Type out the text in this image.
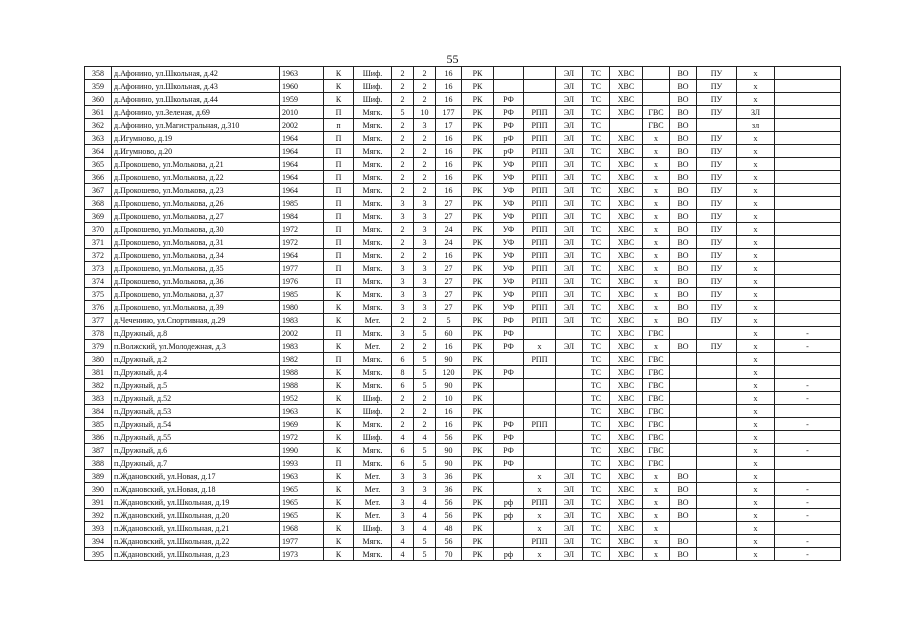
55
358	д.Афонино, ул.Школьная, д.42	1963	К	Шиф.	2	2	16	РК			ЭЛ	ТС	ХВС		ВО	ПУ	х	
359	д.Афонино, ул.Школьная, д.43	1960	К	Шиф.	2	2	16	РК			ЭЛ	ТС	ХВС		ВО	ПУ	х	
360	д.Афонино, ул.Школьная, д.44	1959	К	Шиф.	2	2	16	РК	РФ		ЭЛ	ТС	ХВС		ВО	ПУ	х	
361	д.Афонино, ул.Зеленая, д.69	2010	П	Мягк.	5	10	177	РК	РФ	РПП	ЭЛ	ТС	ХВС	ГВС	ВО	ПУ	ЗЛ	
362	д.Афонино, ул.Магистральная, д.310	2002	п	Мягк.	2	3	17	РК	РФ	РПП	ЭЛ	ТС		ГВС	ВО		зл	
363	д.Игумново, д.19	1964	П	Мягк.	2	2	16	РК	рФ	РПП	ЭЛ	ТС	ХВС	х	ВО	ПУ	х	
364	д.Игумново, д.20	1964	П	Мягк.	2	2	16	РК	рФ	РПП	ЭЛ	ТС	ХВС	х	ВО	ПУ	х	
365	д.Прокошево, ул.Молькова, д.21	1964	П	Мягк.	2	2	16	РК	УФ	РПП	ЭЛ	ТС	ХВС	х	ВО	ПУ	х	
366	д.Прокошево, ул.Молькова, д.22	1964	П	Мягк.	2	2	16	РК	УФ	РПП	ЭЛ	ТС	ХВС	х	ВО	ПУ	х	
367	д.Прокошево, ул.Молькова, д.23	1964	П	Мягк.	2	2	16	РК	УФ	РПП	ЭЛ	ТС	ХВС	х	ВО	ПУ	х	
368	д.Прокошево, ул.Молькова, д.26	1985	П	Мягк.	3	3	27	РК	УФ	РПП	ЭЛ	ТС	ХВС	х	ВО	ПУ	х	
369	д.Прокошево, ул.Молькова, д.27	1984	П	Мягк.	3	3	27	РК	УФ	РПП	ЭЛ	ТС	ХВС	х	ВО	ПУ	х	
370	д.Прокошево, ул.Молькова, д.30	1972	П	Мягк.	2	3	24	РК	УФ	РПП	ЭЛ	ТС	ХВС	х	ВО	ПУ	х	
371	д.Прокошево, ул.Молькова, д.31	1972	П	Мягк.	2	3	24	РК	УФ	РПП	ЭЛ	ТС	ХВС	х	ВО	ПУ	х	
372	д.Прокошево, ул.Молькова, д.34	1964	П	Мягк.	2	2	16	РК	УФ	РПП	ЭЛ	ТС	ХВС	х	ВО	ПУ	х	
373	д.Прокошево, ул.Молькова, д.35	1977	П	Мягк.	3	3	27	РК	УФ	РПП	ЭЛ	ТС	ХВС	х	ВО	ПУ	х	
374	д.Прокошево, ул.Молькова, д.36	1976	П	Мягк.	3	3	27	РК	УФ	РПП	ЭЛ	ТС	ХВС	х	ВО	ПУ	х	
375	д.Прокошево, ул.Молькова, д.37	1985	К	Мягк.	3	3	27	РК	УФ	РПП	ЭЛ	ТС	ХВС	х	ВО	ПУ	х	
376	д.Прокошево, ул.Молькова, д.39	1980	К	Мягк.	3	3	27	РК	УФ	РПП	ЭЛ	ТС	ХВС	х	ВО	ПУ	х	
377	д.Чеченино, ул.Спортивная, д.29	1983	К	Мет.	2	2	5	РК	РФ	РПП	ЭЛ	ТС	ХВС	х	ВО	ПУ	х	
378	п.Дружный, д.8	2002	П	Мягк.	3	5	60	РК	РФ			ТС	ХВС	ГВС			х	-
379	п.Волжский, ул.Молодежная, д.3	1983	К	Мет.	2	2	16	РК	РФ	х	ЭЛ	ТС	ХВС	х	ВО	ПУ	х	-
380	п.Дружный, д.2	1982	П	Мягк.	6	5	90	РК		РПП		ТС	ХВС	ГВС			х	
381	п.Дружный, д.4	1988	К	Мягк.	8	5	120	РК	РФ			ТС	ХВС	ГВС			х	
382	п.Дружный, д.5	1988	К	Мягк.	6	5	90	РК				ТС	ХВС	ГВС			х	-
383	п.Дружный, д.52	1952	К	Шиф.	2	2	10	РК				ТС	ХВС	ГВС			х	-
384	п.Дружный, д.53	1963	К	Шиф.	2	2	16	РК				ТС	ХВС	ГВС			х	
385	п.Дружный, д.54	1969	К	Мягк.	2	2	16	РК	РФ	РПП		ТС	ХВС	ГВС			х	-
386	п.Дружный, д.55	1972	К	Шиф.	4	4	56	РК	РФ			ТС	ХВС	ГВС			х	
387	п.Дружный, д.6	1990	К	Мягк.	6	5	90	РК	РФ			ТС	ХВС	ГВС			х	-
388	п.Дружный, д.7	1993	П	Мягк.	6	5	90	РК	РФ			ТС	ХВС	ГВС			х	
389	п.Ждановский, ул.Новая, д.17	1963	К	Мет.	3	3	36	РК		х	ЭЛ	ТС	ХВС	х	ВО		х	
390	п.Ждановский, ул.Новая, д.18	1965	К	Мет.	3	3	36	РК		х	ЭЛ	ТС	ХВС	х	ВО		х	-
391	п.Ждановский, ул.Школьная, д.19	1965	К	Мет.	3	4	56	РК	рф	РПП	ЭЛ	ТС	ХВС	х	ВО		х	-
392	п.Ждановский, ул.Школьная, д.20	1965	К	Мет.	3	4	56	РК	рф	х	ЭЛ	ТС	ХВС	х	ВО		х	-
393	п.Ждановский, ул.Школьная, д.21	1968	К	Шиф.	3	4	48	РК		х	ЭЛ	ТС	ХВС	х			х	
394	п.Ждановский, ул.Школьная, д.22	1977	К	Мягк.	4	5	56	РК		РПП	ЭЛ	ТС	ХВС	х	ВО		х	-
395	п.Ждановский, ул.Школьная, д.23	1973	К	Мягк.	4	5	70	РК	рф	х	ЭЛ	ТС	ХВС	х	ВО		х	-
